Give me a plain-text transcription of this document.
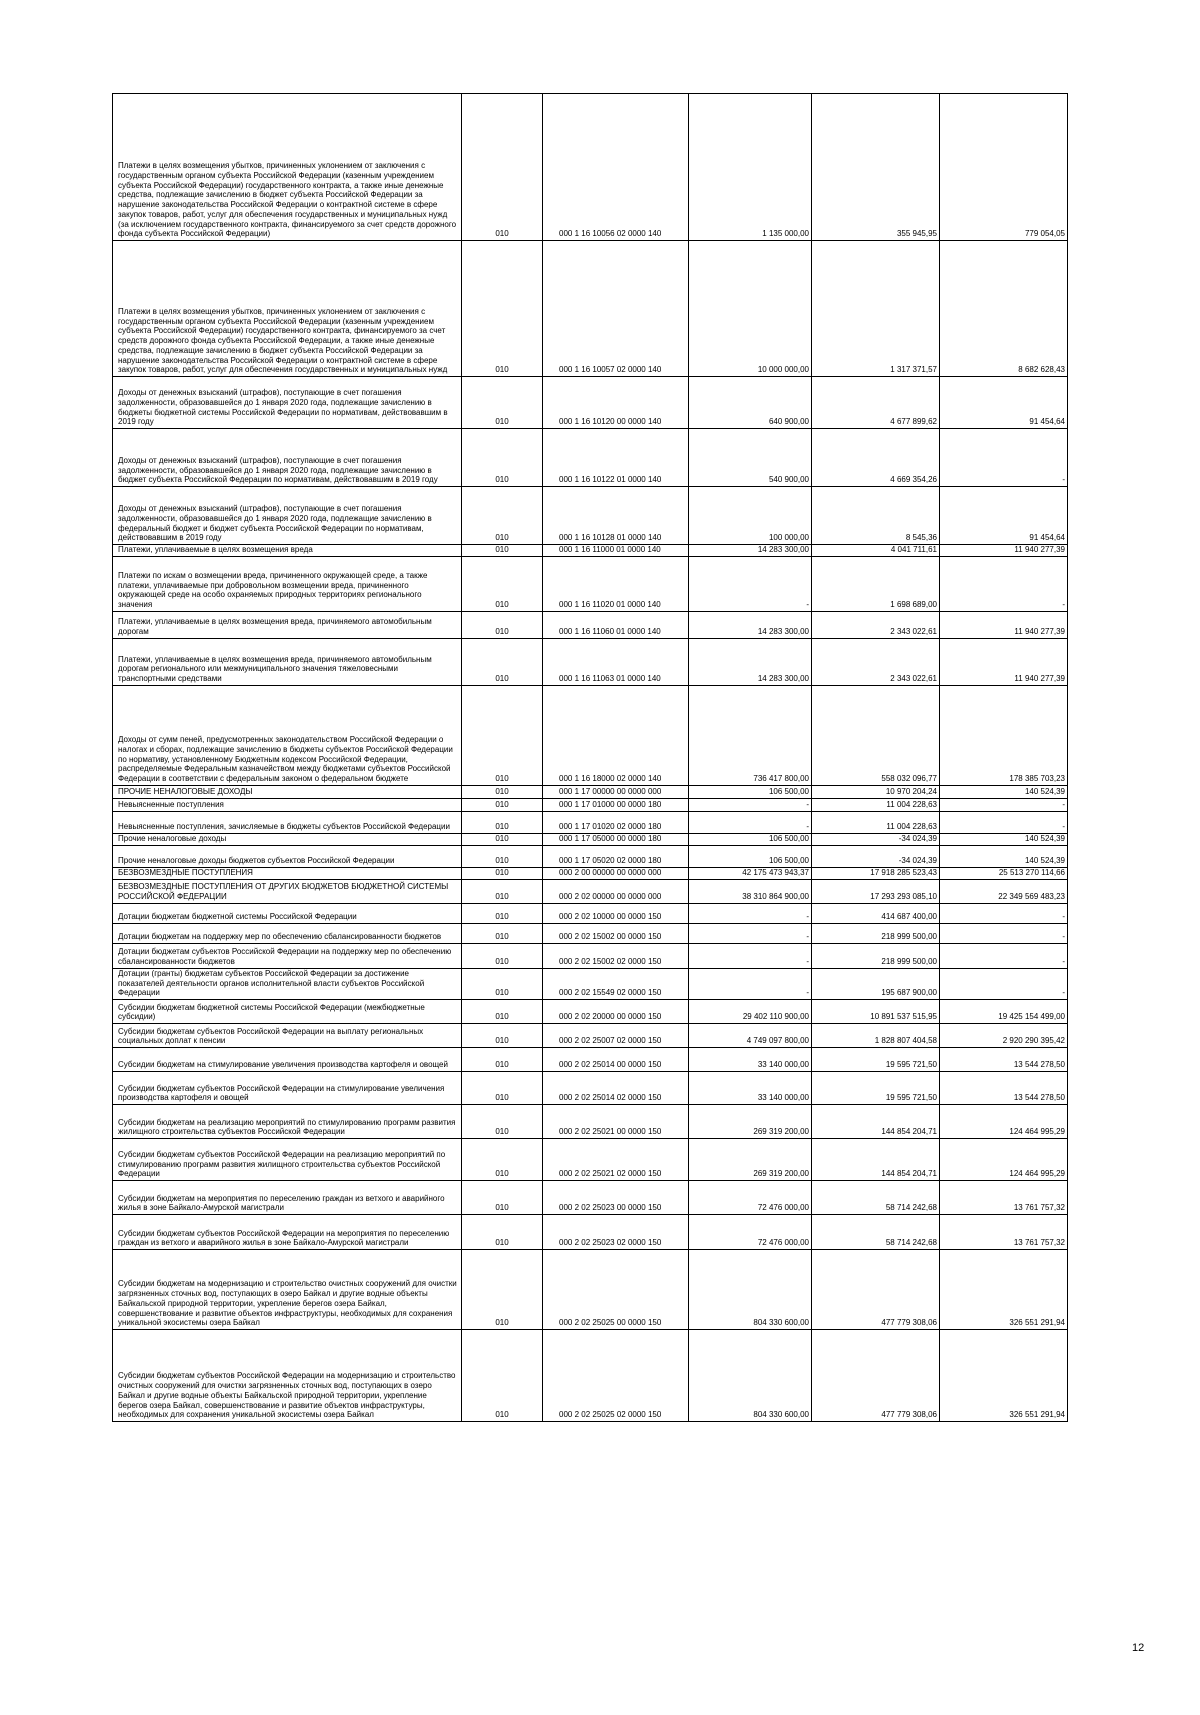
Платежи в целях возмещения убытков, причиненных уклонением от заключения с государственным органом субъекта Российской Федерации (казенным учреждением субъекта Российской Федерации) государственного контракта, а также иные денежные средства, подлежащие зачислению в бюджет субъекта Российской Федерации за нарушение законодательства Российской Федерации о контрактной системе в сфере закупок товаров, работ, услуг для обеспечения государственных и муниципальных нужд (за исключением государственного контракта, финансируемого за счет средств дорожного фонда субъекта Российской Федерации)	010	000 1 16 10056 02 0000 140	1 135 000,00	355 945,95	779 054,05
Платежи в целях возмещения убытков, причиненных уклонением от заключения с государственным органом субъекта Российской Федерации (казенным учреждением субъекта Российской Федерации) государственного контракта, финансируемого за счет средств дорожного фонда субъекта Российской Федерации, а также иные денежные средства, подлежащие зачислению в бюджет субъекта Российской Федерации за нарушение законодательства Российской Федерации о контрактной системе в сфере закупок товаров, работ, услуг для обеспечения государственных и муниципальных нужд	010	000 1 16 10057 02 0000 140	10 000 000,00	1 317 371,57	8 682 628,43
Доходы от денежных взысканий (штрафов), поступающие в счет погашения задолженности, образовавшейся до 1 января 2020 года, подлежащие зачислению в бюджеты бюджетной системы Российской Федерации по нормативам, действовавшим в 2019 году	010	000 1 16 10120 00 0000 140	640 900,00	4 677 899,62	91 454,64
Доходы от денежных взысканий (штрафов), поступающие в счет погашения задолженности, образовавшейся до 1 января 2020 года, подлежащие зачислению в бюджет субъекта Российской Федерации по нормативам, действовавшим в 2019 году	010	000 1 16 10122 01 0000 140	540 900,00	4 669 354,26	-
Доходы от денежных взысканий (штрафов), поступающие в счет погашения задолженности, образовавшейся до 1 января 2020 года, подлежащие зачислению в федеральный бюджет и бюджет субъекта Российской Федерации по нормативам, действовавшим в 2019 году	010	000 1 16 10128 01 0000 140	100 000,00	8 545,36	91 454,64
Платежи, уплачиваемые в целях возмещения вреда	010	000 1 16 11000 01 0000 140	14 283 300,00	4 041 711,61	11 940 277,39
Платежи по искам о возмещении вреда, причиненного окружающей среде, а также платежи, уплачиваемые при добровольном возмещении вреда, причиненного окружающей среде на особо охраняемых природных территориях регионального значения	010	000 1 16 11020 01 0000 140	-	1 698 689,00	-
Платежи, уплачиваемые в целях возмещения вреда, причиняемого автомобильным дорогам	010	000 1 16 11060 01 0000 140	14 283 300,00	2 343 022,61	11 940 277,39
Платежи, уплачиваемые в целях возмещения вреда, причиняемого автомобильным дорогам регионального или межмуниципального значения тяжеловесными транспортными средствами	010	000 1 16 11063 01 0000 140	14 283 300,00	2 343 022,61	11 940 277,39
Доходы от сумм пеней, предусмотренных законодательством Российской Федерации о налогах и сборах, подлежащие зачислению в бюджеты субъектов Российской Федерации по нормативу, установленному Бюджетным кодексом Российской Федерации, распределяемые Федеральным казначейством между бюджетами субъектов Российской Федерации в соответствии с федеральным законом о федеральном бюджете	010	000 1 16 18000 02 0000 140	736 417 800,00	558 032 096,77	178 385 703,23
ПРОЧИЕ НЕНАЛОГОВЫЕ ДОХОДЫ	010	000 1 17 00000 00 0000 000	106 500,00	10 970 204,24	140 524,39
Невыясненные поступления	010	000 1 17 01000 00 0000 180	-	11 004 228,63	-
Невыясненные поступления, зачисляемые в бюджеты субъектов Российской Федерации	010	000 1 17 01020 02 0000 180	-	11 004 228,63	-
Прочие неналоговые доходы	010	000 1 17 05000 00 0000 180	106 500,00	-34 024,39	140 524,39
Прочие неналоговые доходы бюджетов субъектов Российской Федерации	010	000 1 17 05020 02 0000 180	106 500,00	-34 024,39	140 524,39
БЕЗВОЗМЕЗДНЫЕ ПОСТУПЛЕНИЯ	010	000 2 00 00000 00 0000 000	42 175 473 943,37	17 918 285 523,43	25 513 270 114,66
БЕЗВОЗМЕЗДНЫЕ ПОСТУПЛЕНИЯ ОТ ДРУГИХ БЮДЖЕТОВ БЮДЖЕТНОЙ СИСТЕМЫ РОССИЙСКОЙ ФЕДЕРАЦИИ	010	000 2 02 00000 00 0000 000	38 310 864 900,00	17 293 293 085,10	22 349 569 483,23
Дотации бюджетам бюджетной системы Российской Федерации	010	000 2 02 10000 00 0000 150	-	414 687 400,00	-
Дотации бюджетам на поддержку мер по обеспечению сбалансированности бюджетов	010	000 2 02 15002 00 0000 150	-	218 999 500,00	-
Дотации бюджетам субъектов Российской Федерации на поддержку мер по обеспечению сбалансированности бюджетов	010	000 2 02 15002 02 0000 150	-	218 999 500,00	-
Дотации (гранты) бюджетам субъектов Российской Федерации за достижение показателей деятельности органов исполнительной власти субъектов Российской Федерации	010	000 2 02 15549 02 0000 150	-	195 687 900,00	-
Субсидии бюджетам бюджетной системы Российской Федерации (межбюджетные субсидии)	010	000 2 02 20000 00 0000 150	29 402 110 900,00	10 891 537 515,95	19 425 154 499,00
Субсидии бюджетам субъектов Российской Федерации на выплату региональных социальных доплат к пенсии	010	000 2 02 25007 02 0000 150	4 749 097 800,00	1 828 807 404,58	2 920 290 395,42
Субсидии бюджетам на стимулирование увеличения производства картофеля и овощей	010	000 2 02 25014 00 0000 150	33 140 000,00	19 595 721,50	13 544 278,50
Субсидии бюджетам субъектов Российской Федерации на стимулирование увеличения производства картофеля и овощей	010	000 2 02 25014 02 0000 150	33 140 000,00	19 595 721,50	13 544 278,50
Субсидии бюджетам на реализацию мероприятий по стимулированию программ развития жилищного строительства субъектов Российской Федерации	010	000 2 02 25021 00 0000 150	269 319 200,00	144 854 204,71	124 464 995,29
Субсидии бюджетам субъектов Российской Федерации на реализацию мероприятий по стимулированию программ развития жилищного строительства субъектов Российской Федерации	010	000 2 02 25021 02 0000 150	269 319 200,00	144 854 204,71	124 464 995,29
Субсидии бюджетам на мероприятия по переселению граждан из ветхого и аварийного жилья в зоне Байкало-Амурской магистрали	010	000 2 02 25023 00 0000 150	72 476 000,00	58 714 242,68	13 761 757,32
Субсидии бюджетам субъектов Российской Федерации на мероприятия по переселению граждан из ветхого и аварийного жилья в зоне Байкало-Амурской магистрали	010	000 2 02 25023 02 0000 150	72 476 000,00	58 714 242,68	13 761 757,32
Субсидии бюджетам на модернизацию и строительство очистных сооружений для очистки загрязненных сточных вод, поступающих в озеро Байкал и другие водные объекты Байкальской природной территории, укрепление берегов озера Байкал, совершенствование и развитие объектов инфраструктуры, необходимых для сохранения уникальной экосистемы озера Байкал	010	000 2 02 25025 00 0000 150	804 330 600,00	477 779 308,06	326 551 291,94
Субсидии бюджетам субъектов Российской Федерации на модернизацию и строительство очистных сооружений для очистки загрязненных сточных вод, поступающих в озеро Байкал и другие водные объекты Байкальской природной территории, укрепление берегов озера Байкал, совершенствование и развитие объектов инфраструктуры, необходимых для сохранения уникальной экосистемы озера Байкал	010	000 2 02 25025 02 0000 150	804 330 600,00	477 779 308,06	326 551 291,94
12
